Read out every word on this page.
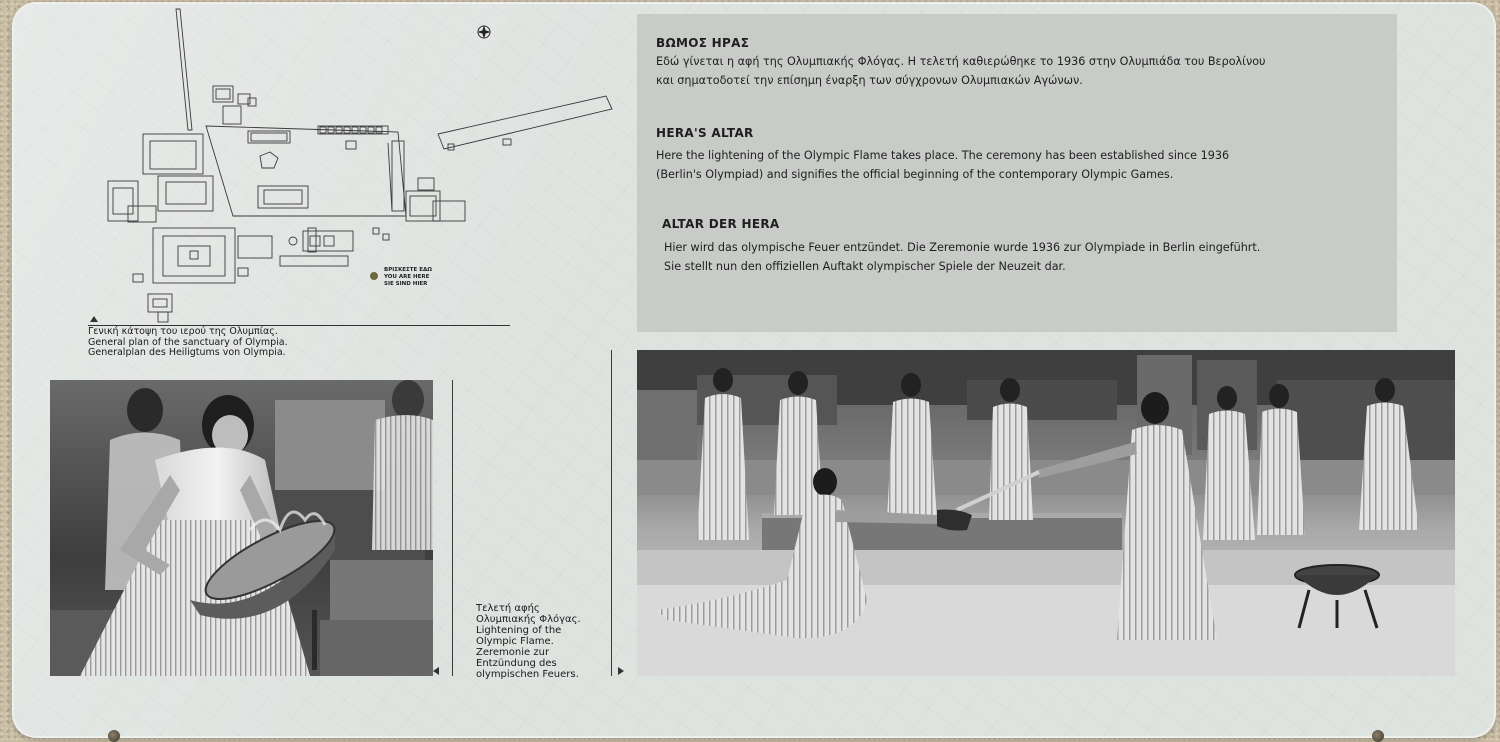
ΒΩΜΟΣ ΗΡΑΣ
Εδώ γίνεται η αφή της Ολυμπιακής Φλόγας. Η τελετή καθιερώθηκε το 1936 στην Ολυμπιάδα του Βερολίνου
και σηματοδοτεί την επίσημη έναρξη των σύγχρονων Ολυμπιακών Αγώνων.
HERA'S ALTAR
Here the lightening of the Olympic Flame takes place. The ceremony has been established since 1936
(Berlin's Olympiad) and signifies the official beginning of the contemporary Olympic Games.
ALTAR DER HERA
Hier wird das olympische Feuer entzündet. Die Zeremonie wurde 1936 zur Olympiade in Berlin eingeführt.
Sie stellt nun den offiziellen Auftakt olympischer Spiele der Neuzeit dar.
ΒΡΙΣΚΕΣΤΕ ΕΔΩ
YOU ARE HERE
SIE SIND HIER
Γενική κάτοψη του ιερού της Ολυμπίας.
General plan of the sanctuary of Olympia.
Generalplan des Heiligtums von Olympia.
Τελετή αφής
Ολυμπιακής Φλόγας.
Lightening of the
Olympic Flame.
Zeremonie zur
Entzündung des
olympischen Feuers.
